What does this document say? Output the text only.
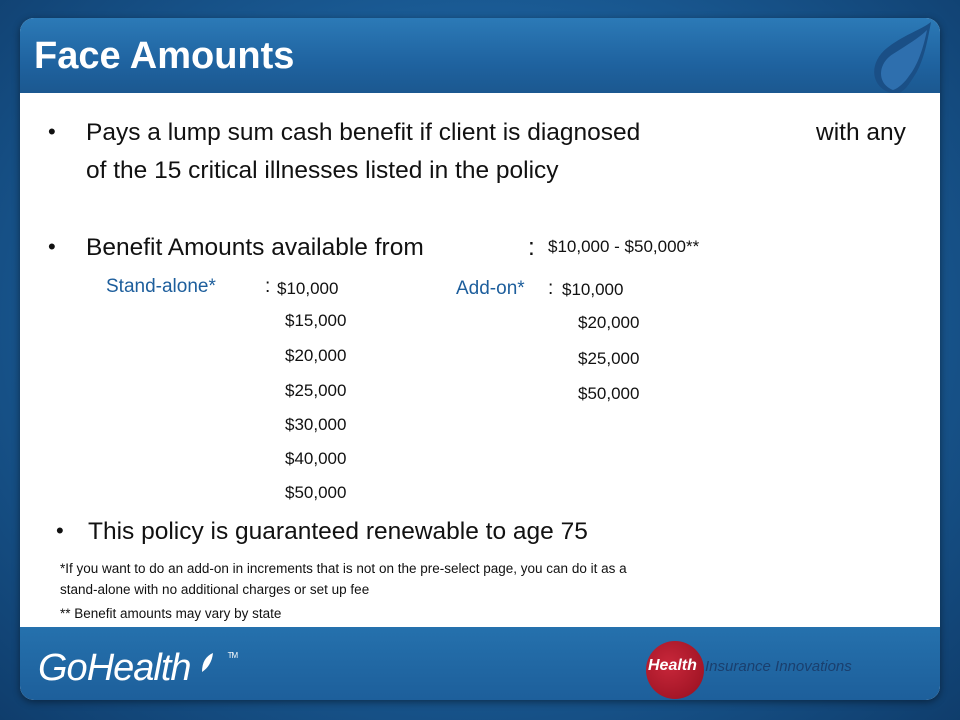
Face Amounts
• Pays a lump sum cash benefit if client is diagnosed	with any
of the 15 critical illnesses listed in the policy
• Benefit Amounts available from	: $10,000 - $50,000**
Stand-alone*	: $10,000
$15,000
$20,000
$25,000
$30,000
$40,000
$50,000
Add-on* : $10,000
$20,000
$25,000
$50,000
• This policy is guaranteed renewable to age 75
*If you want to do an add-on in increments that is not on the pre-select page, you can do it as a
stand-alone with no additional charges or set up fee
** Benefit amounts may vary by state
GoHealth	™
Health Insurance Innovations
